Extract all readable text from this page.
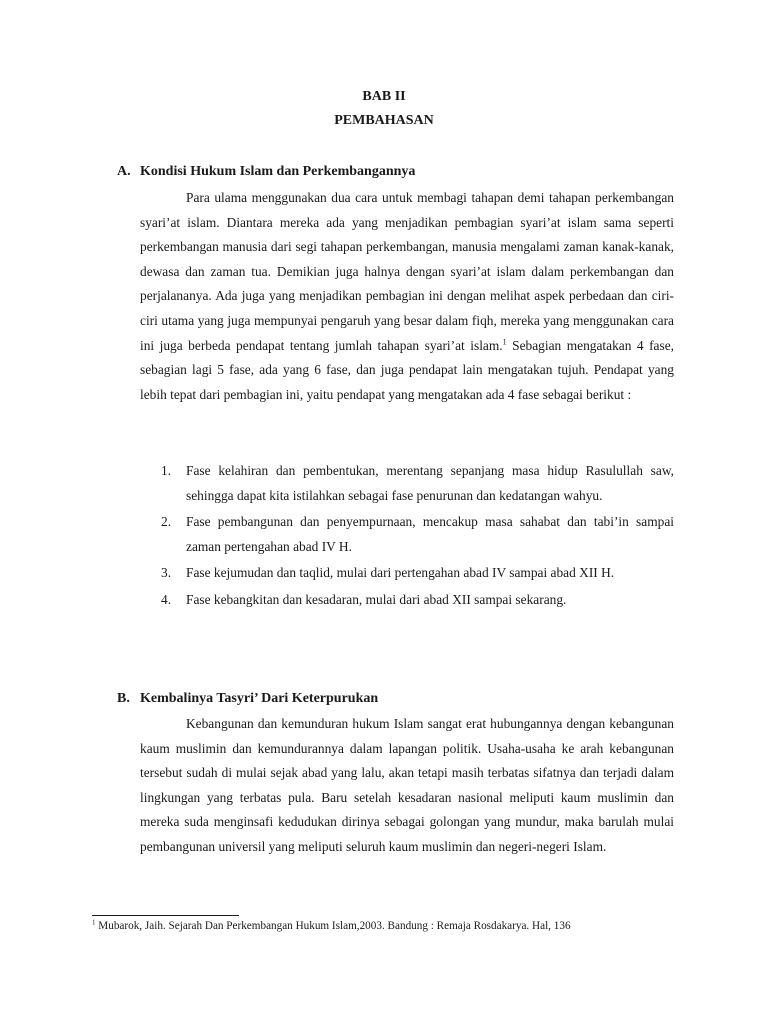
BAB II
PEMBAHASAN
A. Kondisi Hukum Islam dan Perkembangannya

Para ulama menggunakan dua cara untuk membagi tahapan demi tahapan perkembangan syari’at islam. Diantara mereka ada yang menjadikan pembagian syari’at islam sama seperti perkembangan manusia dari segi tahapan perkembangan, manusia mengalami zaman kanak-kanak, dewasa dan zaman tua. Demikian juga halnya dengan syari’at islam dalam perkembangan dan perjalananya. Ada juga yang menjadikan pembagian ini dengan melihat aspek perbedaan dan ciri-ciri utama yang juga mempunyai pengaruh yang besar dalam fiqh, mereka yang menggunakan cara ini juga berbeda pendapat tentang jumlah tahapan syari’at islam.$^1$ Sebagian mengatakan 4 fase, sebagian lagi 5 fase, ada yang 6 fase, dan juga pendapat lain mengatakan tujuh. Pendapat yang lebih tepat dari pembagian ini, yaitu pendapat yang mengatakan ada 4 fase sebagai berikut :

1. Fase kelahiran dan pembentukan, merentang sepanjang masa hidup Rasulullah saw, sehingga dapat kita istilahkan sebagai fase penurunan dan kedatangan wahyu.
2. Fase pembangunan dan penyempurnaan, mencakup masa sahabat dan tabi’in sampai zaman pertengahan abad IV H.
3. Fase kejumudan dan taqlid, mulai dari pertengahan abad IV sampai abad XII H.
4. Fase kebangkitan dan kesadaran, mulai dari abad XII sampai sekarang.
B. Kembalinya Tasyri’ Dari Keterpurukan

Kebangunan dan kemunduran hukum Islam sangat erat hubungannya dengan kebangunan kaum muslimin dan kemundurannya dalam lapangan politik. Usaha-usaha ke arah kebangunan tersebut sudah di mulai sejak abad yang lalu, akan tetapi masih terbatas sifatnya dan terjadi dalam lingkungan yang terbatas pula. Baru setelah kesadaran nasional meliputi kaum muslimin dan mereka suda menginsafi kedudukan dirinya sebagai golongan yang mundur, maka barulah mulai pembangunan universil yang meliputi seluruh kaum muslimin dan negeri-negeri Islam.

$^1$ Mubarok, Jaih. Sejarah Dan Perkembangan Hukum Islam,2003. Bandung : Remaja Rosdakarya. Hal, 136
